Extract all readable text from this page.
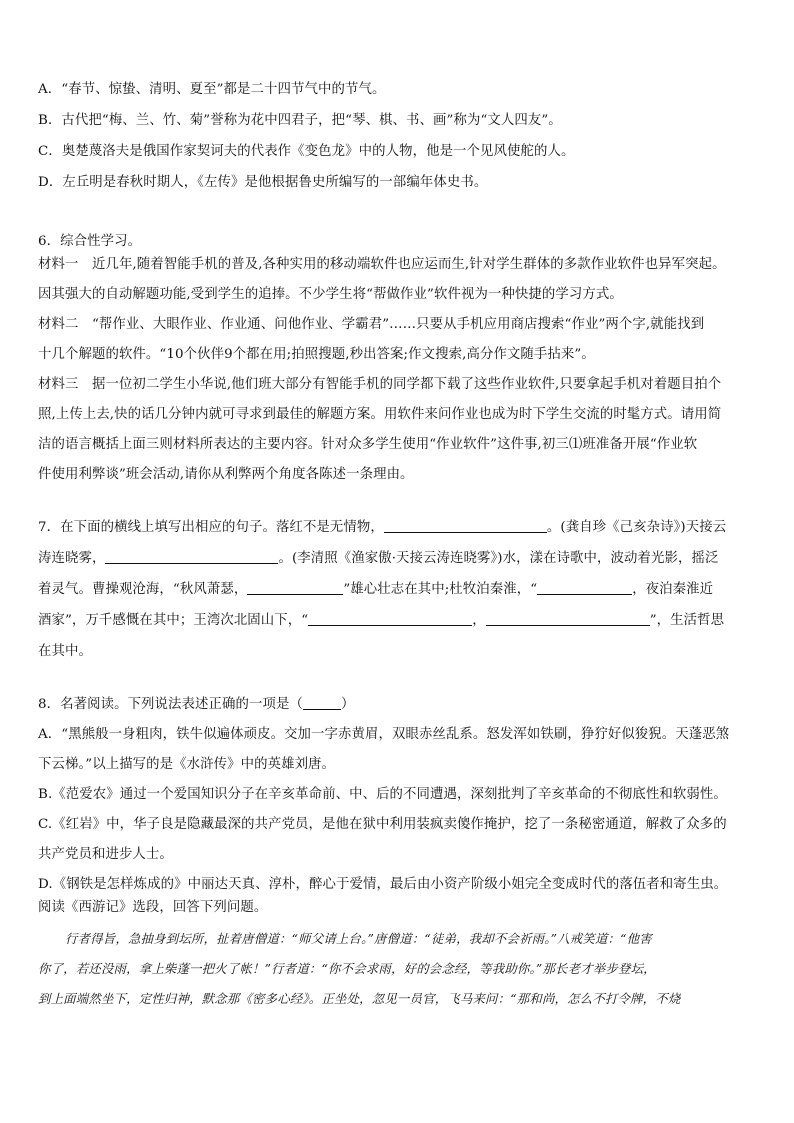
A．“春节、惊蛰、清明、夏至”都是二十四节气中的节气。
B．古代把“梅、兰、竹、菊”誉称为花中四君子，把“琴、棋、书、画”称为“文人四友”。
C．奥楚蔑洛夫是俄国作家契诃夫的代表作《变色龙》中的人物，他是一个见风使舵的人。
D．左丘明是春秋时期人，《左传》是他根据鲁史所编写的一部编年体史书。
6．综合性学习。
材料一　近几年,随着智能手机的普及,各种实用的移动端软件也应运而生,针对学生群体的多款作业软件也异军突起。
因其强大的自动解题功能,受到学生的追捧。不少学生将“帮做作业”软件视为一种快捷的学习方式。
材料二　“帮作业、大眼作业、作业通、问他作业、学霸君”……只要从手机应用商店搜索“作业”两个字,就能找到
十几个解题的软件。“10个伙伴9个都在用;拍照搜题,秒出答案;作文搜索,高分作文随手拈来”。
材料三　据一位初二学生小华说,他们班大部分有智能手机的同学都下载了这些作业软件,只要拿起手机对着题目拍个
照,上传上去,快的话几分钟内就可寻求到最佳的解题方案。用软件来问作业也成为时下学生交流的时髦方式。请用简
洁的语言概括上面三则材料所表达的主要内容。针对众多学生使用“作业软件”这件事,初三⑴班准备开展“作业软
件使用利弊谈”班会活动,请你从利弊两个角度各陈述一条理由。
7．在下面的横线上填写出相应的句子。落红不是无情物，	。(龚自珍《己亥杂诗》)天接云
涛连晓雾，	。(李清照《渔家傲·天接云涛连晓雾》)水，漾在诗歌中，波动着光影，摇泛
着灵气。曹操观沧海，“秋风萧瑟，	”雄心壮志在其中;杜牧泊秦淮，“	，夜泊秦淮近
酒家”，万千感慨在其中；王湾次北固山下，“	，	”，生活哲思
在其中。
8．名著阅读。下列说法表述正确的一项是（	）
A．“黑熊般一身粗肉，铁牛似遍体顽皮。交加一字赤黄眉，双眼赤丝乱系。怒发浑如铁刷，狰狞好似狻猊。天蓬恶煞
下云梯。”以上描写的是《水浒传》中的英雄刘唐。
B.《范爱农》通过一个爱国知识分子在辛亥革命前、中、后的不同遭遇，深刻批判了辛亥革命的不彻底性和软弱性。
C.《红岩》中，华子良是隐藏最深的共产党员，是他在狱中利用装疯卖傻作掩护，挖了一条秘密通道，解救了众多的
共产党员和进步人士。
D.《钢铁是怎样炼成的》中丽达天真、淳朴，醉心于爱情，最后由小资产阶级小姐完全变成时代的落伍者和寄生虫。
阅读《西游记》选段，回答下列问题。
行者得旨，急抽身到坛所，扯着唐僧道：“师父请上台。”唐僧道：“徒弟，我却不会祈雨。”八戒笑道：“他害
你了，若还没雨，拿上柴蓬一把火了帐！”行者道：“你不会求雨，好的会念经，等我助你。”那长老才举步登坛，
到上面端然坐下，定性归神，默念那《密多心经》。正坐处，忽见一员官，飞马来问：“那和尚，怎么不打令牌，不烧
